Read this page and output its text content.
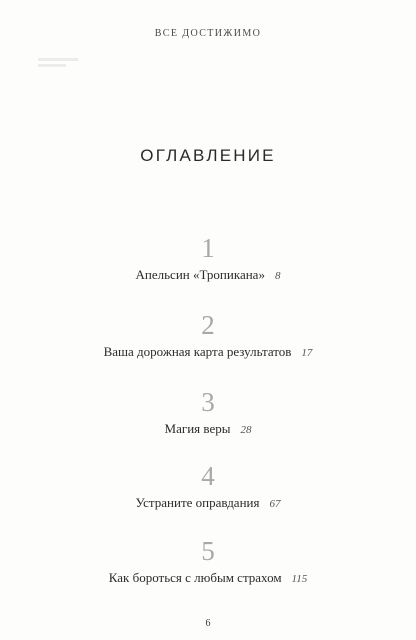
ВСЕ ДОСТИЖИМО
ОГЛАВЛЕНИЕ
1
Апельсин «Тропикана» 8
2
Ваша дорожная карта результатов 17
3
Магия веры 28
4
Устраните оправдания 67
5
Как бороться с любым страхом 115
6
